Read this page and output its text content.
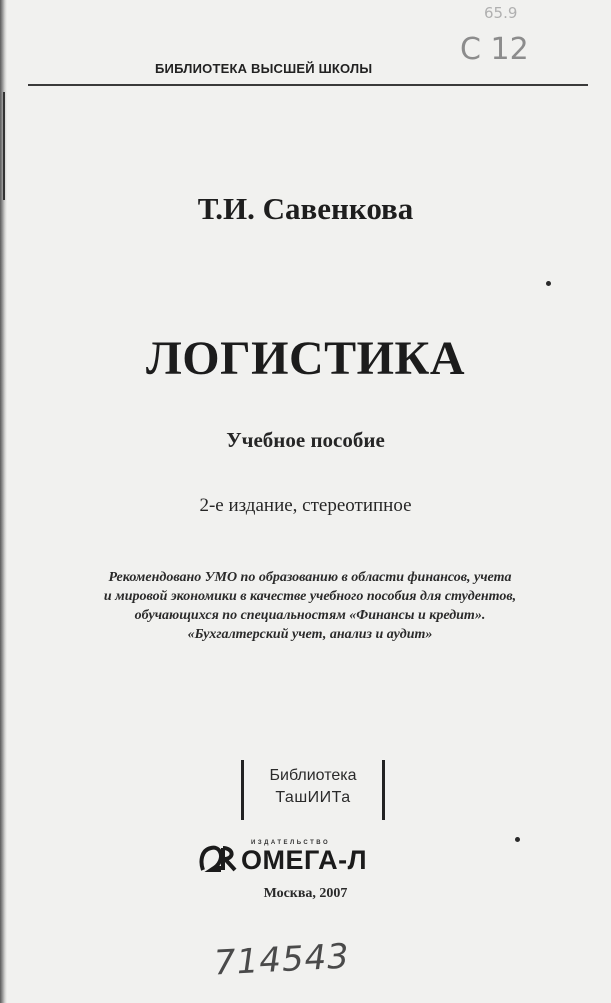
БИБЛИОТЕКА ВЫСШЕЙ ШКОЛЫ
65.9
С 12
Т.И. Савенкова
ЛОГИСТИКА
Учебное пособие
2-е издание, стереотипное
Рекомендовано УМО по образованию в области финансов, учета
и мировой экономики в качестве учебного пособия для студентов,
обучающихся по специальностям «Финансы и кредит».
«Бухгалтерский учет, анализ и аудит»
Библиотека
ТашИИТа
ИЗДАТЕЛЬСТВО
ОМЕГА-Л
Москва, 2007
714543
